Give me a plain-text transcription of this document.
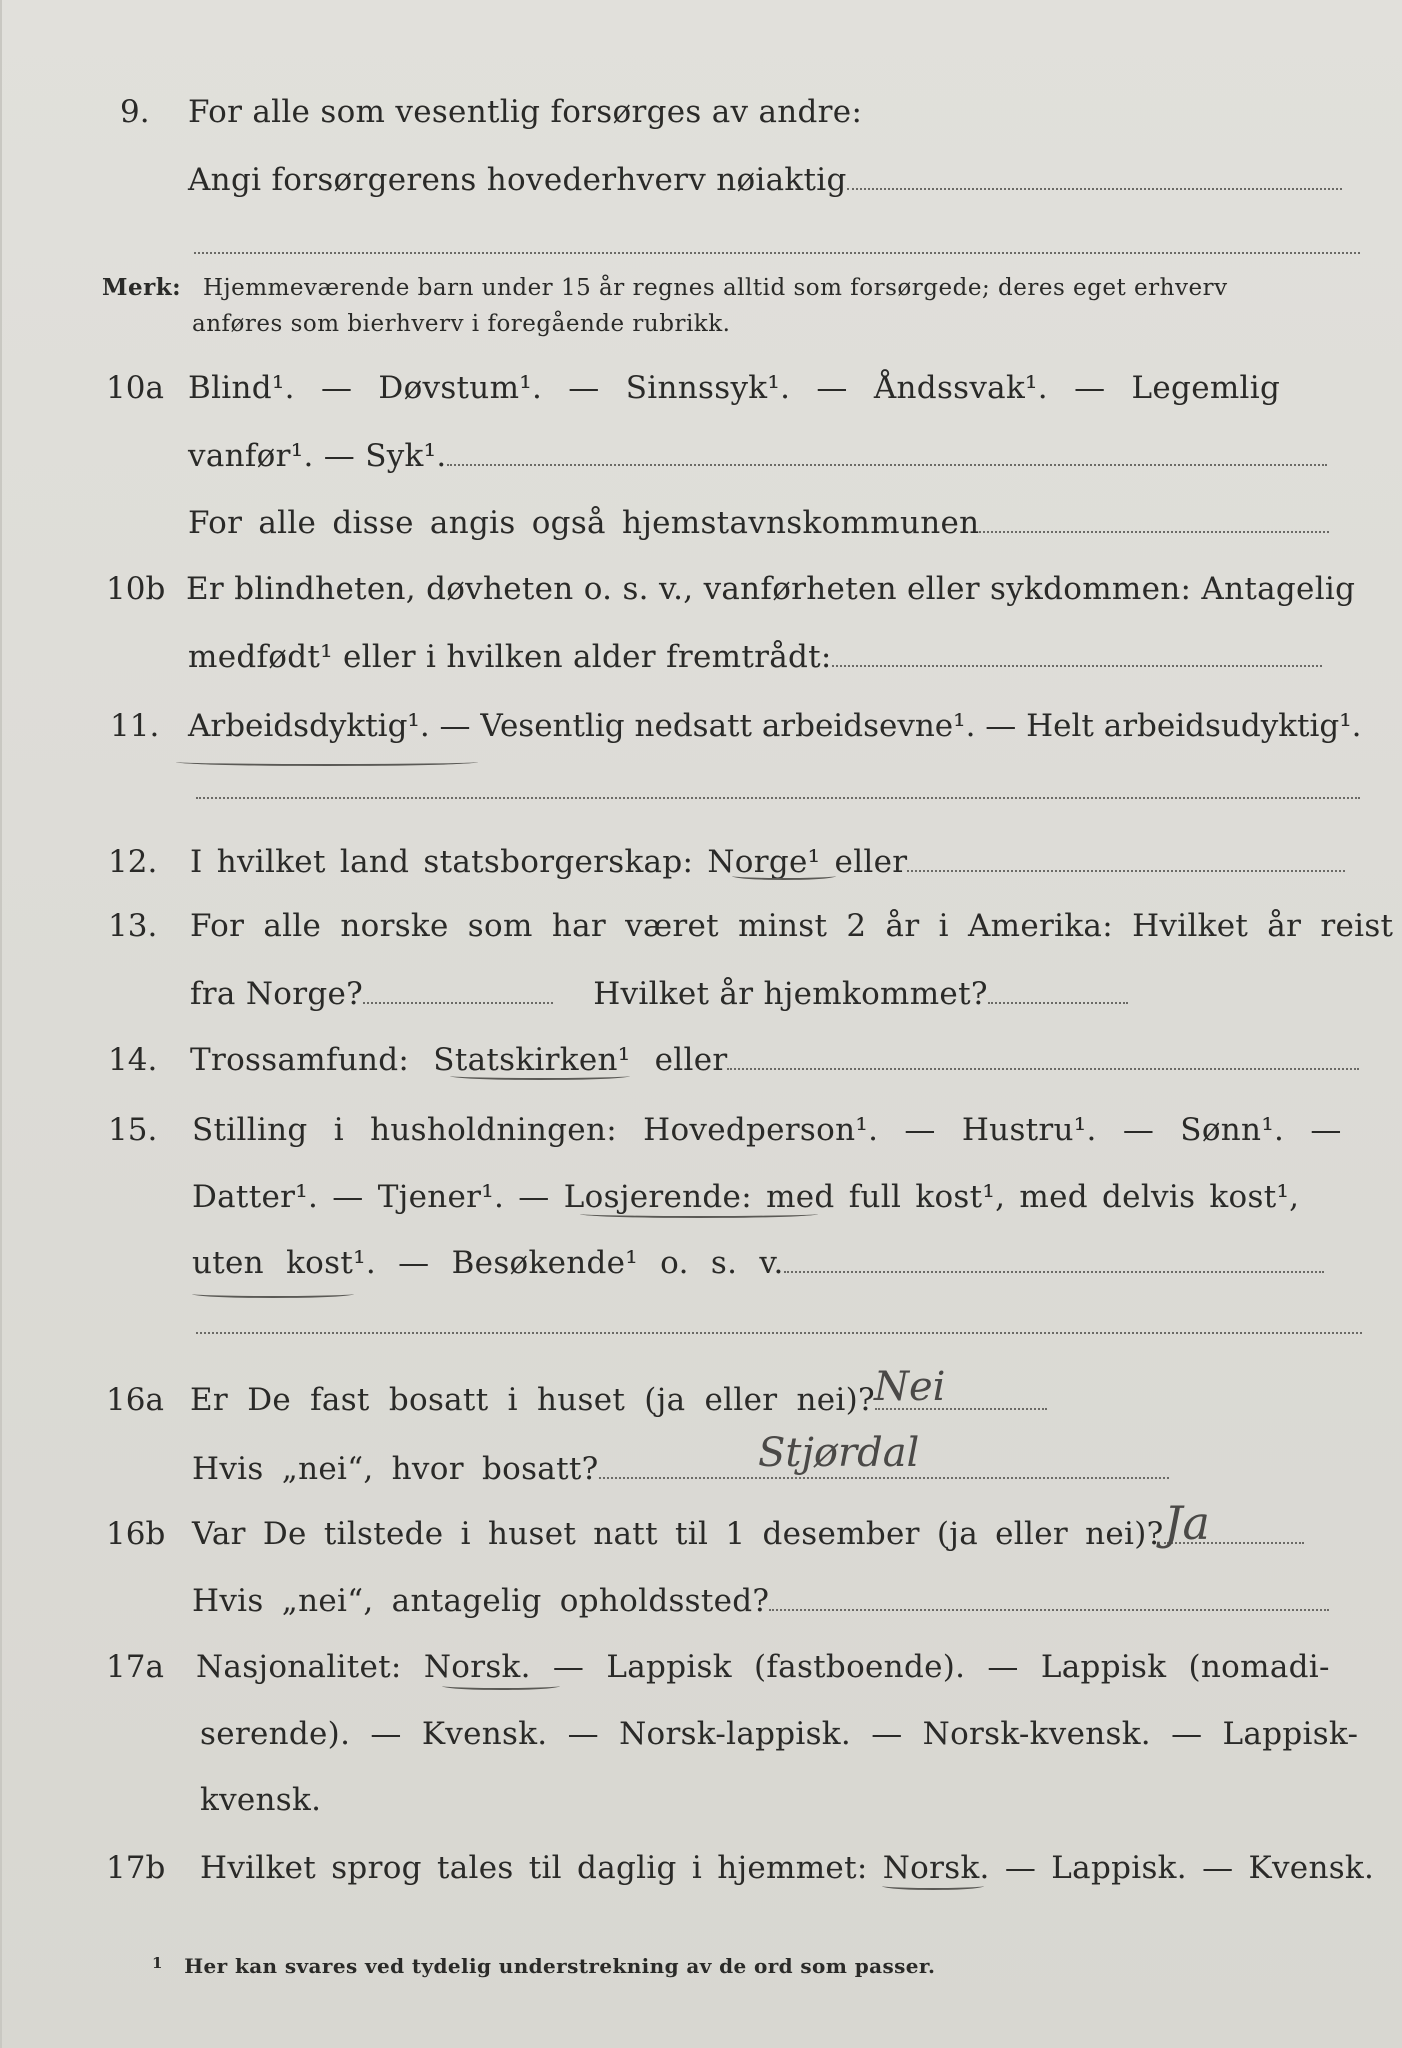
9. For alle som vesentlig forsørges av andre:
Angi forsørgerens hovederhverv nøiaktig
Merk: Hjemmeværende barn under 15 år regnes alltid som forsørgede; deres eget erhverv
anføres som bierhverv i foregående rubrikk.
10a Blind¹. — Døvstum¹. — Sinnssyk¹. — Åndssvak¹. — Legemlig
vanfør¹. — Syk¹.
For alle disse angis også hjemstavnskommunen
10b Er blindheten, døvheten o. s. v., vanførheten eller sykdommen: Antagelig
medfødt¹ eller i hvilken alder fremtrådt:
11. Arbeidsdyktig¹. — Vesentlig nedsatt arbeidsevne¹. — Helt arbeidsudyktig¹.
12. I hvilket land statsborgerskap: Norge¹ eller
13. For alle norske som har været minst 2 år i Amerika: Hvilket år reist
fra Norge?	Hvilket år hjemkommet?
14. Trossamfund: Statskirken¹ eller
15. Stilling i husholdningen: Hovedperson¹. — Hustru¹. — Sønn¹. —
Datter¹. — Tjener¹. — Losjerende: med full kost¹, med delvis kost¹,
uten kost¹. — Besøkende¹ o. s. v.
16a Er De fast bosatt i huset (ja eller nei)? Nei
Hvis „nei“, hvor bosatt?	Stjørdal
16b Var De tilstede i huset natt til 1 desember (ja eller nei)? Ja
Hvis „nei“, antagelig opholdssted?
17a Nasjonalitet: Norsk. — Lappisk (fastboende). — Lappisk (nomadi-
serende). — Kvensk. — Norsk-lappisk. — Norsk-kvensk. — Lappisk-
kvensk.
17b Hvilket sprog tales til daglig i hjemmet: Norsk. — Lappisk. — Kvensk.
$^1$ Her kan svares ved tydelig understrekning av de ord som passer.
